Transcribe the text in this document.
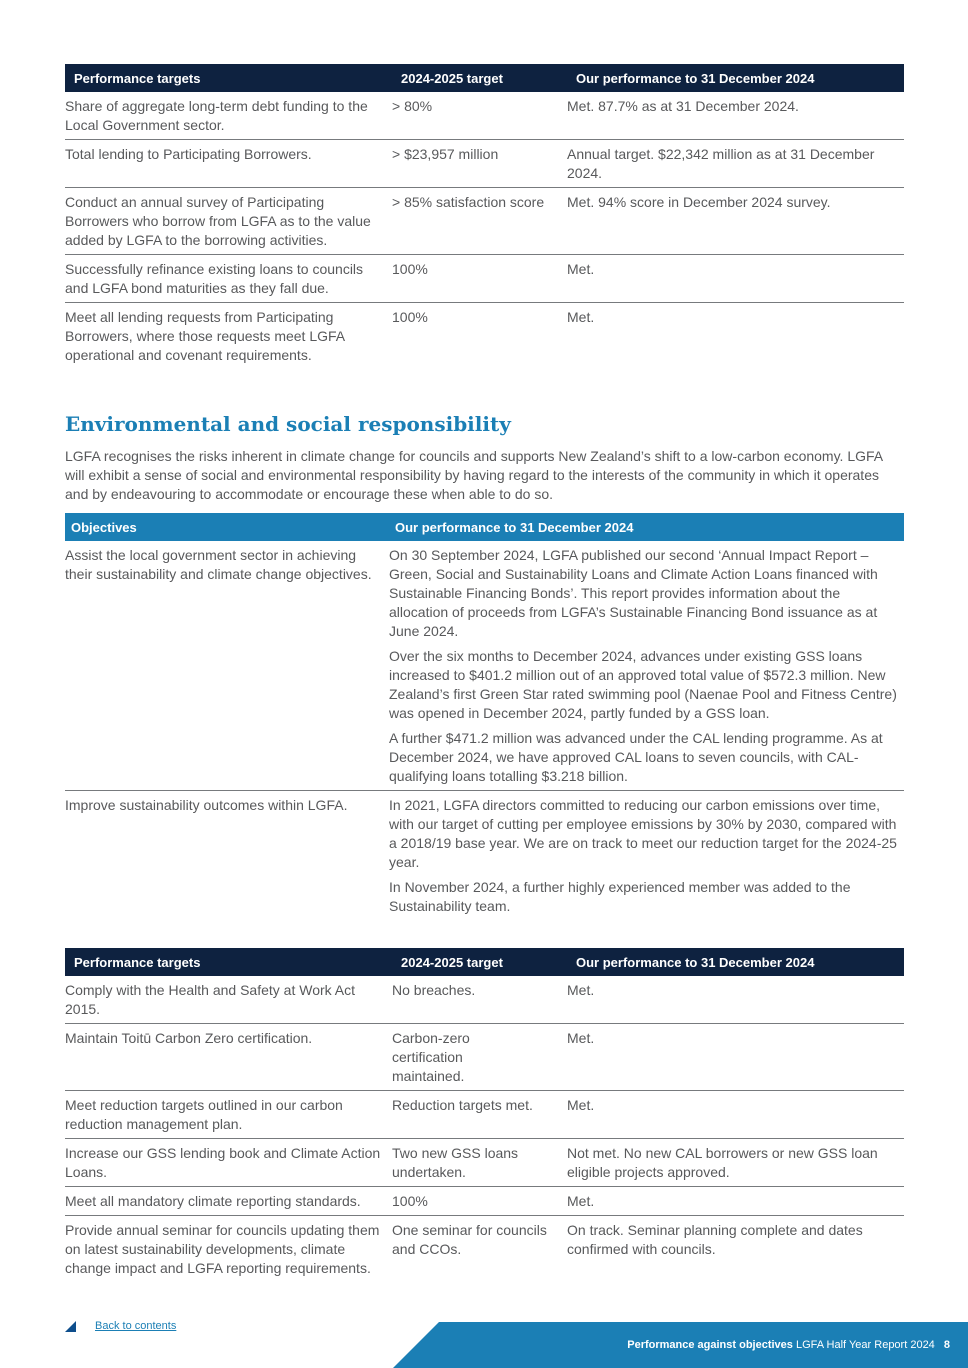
Performance targets	2024-2025 target	Our performance to 31 December 2024
Share of aggregate long-term debt funding to the Local Government sector.	> 80%	Met. 87.7% as at 31 December 2024.
Total lending to Participating Borrowers.	> $23,957 million	Annual target. $22,342 million as at 31 December 2024.
Conduct an annual survey of Participating Borrowers who borrow from LGFA as to the value added by LGFA to the borrowing activities.	> 85% satisfaction score	Met. 94% score in December 2024 survey.
Successfully refinance existing loans to councils and LGFA bond maturities as they fall due.	100%	Met.
Meet all lending requests from Participating Borrowers, where those requests meet LGFA operational and covenant requirements.	100%	Met.
Environmental and social responsibility

LGFA recognises the risks inherent in climate change for councils and supports New Zealand’s shift to a low-carbon economy. LGFA will exhibit a sense of social and environmental responsibility by having regard to the interests of the community in which it operates and by endeavouring to accommodate or encourage these when able to do so.

Objectives	Our performance to 31 December 2024
Assist the local government sector in achieving their sustainability and climate change objectives.	On 30 September 2024, LGFA published our second ‘Annual Impact Report – Green, Social and Sustainability Loans and Climate Action Loans financed with Sustainable Financing Bonds’. This report provides information about the allocation of proceeds from LGFA’s Sustainable Financing Bond issuance as at June 2024.

Over the six months to December 2024, advances under existing GSS loans increased to $401.2 million out of an approved total value of $572.3 million. New Zealand’s first Green Star rated swimming pool (Naenae Pool and Fitness Centre) was opened in December 2024, partly funded by a GSS loan.

A further $471.2 million was advanced under the CAL lending programme. As at December 2024, we have approved CAL loans to seven councils, with CAL-qualifying loans totalling $3.218 billion.

Improve sustainability outcomes within LGFA.	In 2021, LGFA directors committed to reducing our carbon emissions over time, with our target of cutting per employee emissions by 30% by 2030, compared with a 2018/19 base year. We are on track to meet our reduction target for the 2024-25 year.

In November 2024, a further highly experienced member was added to the Sustainability team.

Performance targets	2024-2025 target	Our performance to 31 December 2024
Comply with the Health and Safety at Work Act 2015.	No breaches.	Met.
Maintain Toitū Carbon Zero certification.	Carbon-zero certification maintained.	Met.
Meet reduction targets outlined in our carbon reduction management plan.	Reduction targets met.	Met.
Increase our GSS lending book and Climate Action Loans.	Two new GSS loans undertaken.	Not met. No new CAL borrowers or new GSS loan eligible projects approved.
Meet all mandatory climate reporting standards.	100%	Met.
Provide annual seminar for councils updating them on latest sustainability developments, climate change impact and LGFA reporting requirements.	One seminar for councils and CCOs.	On track. Seminar planning complete and dates confirmed with councils.
Back to contents
Performance against objectives LGFA Half Year Report 2024 8
